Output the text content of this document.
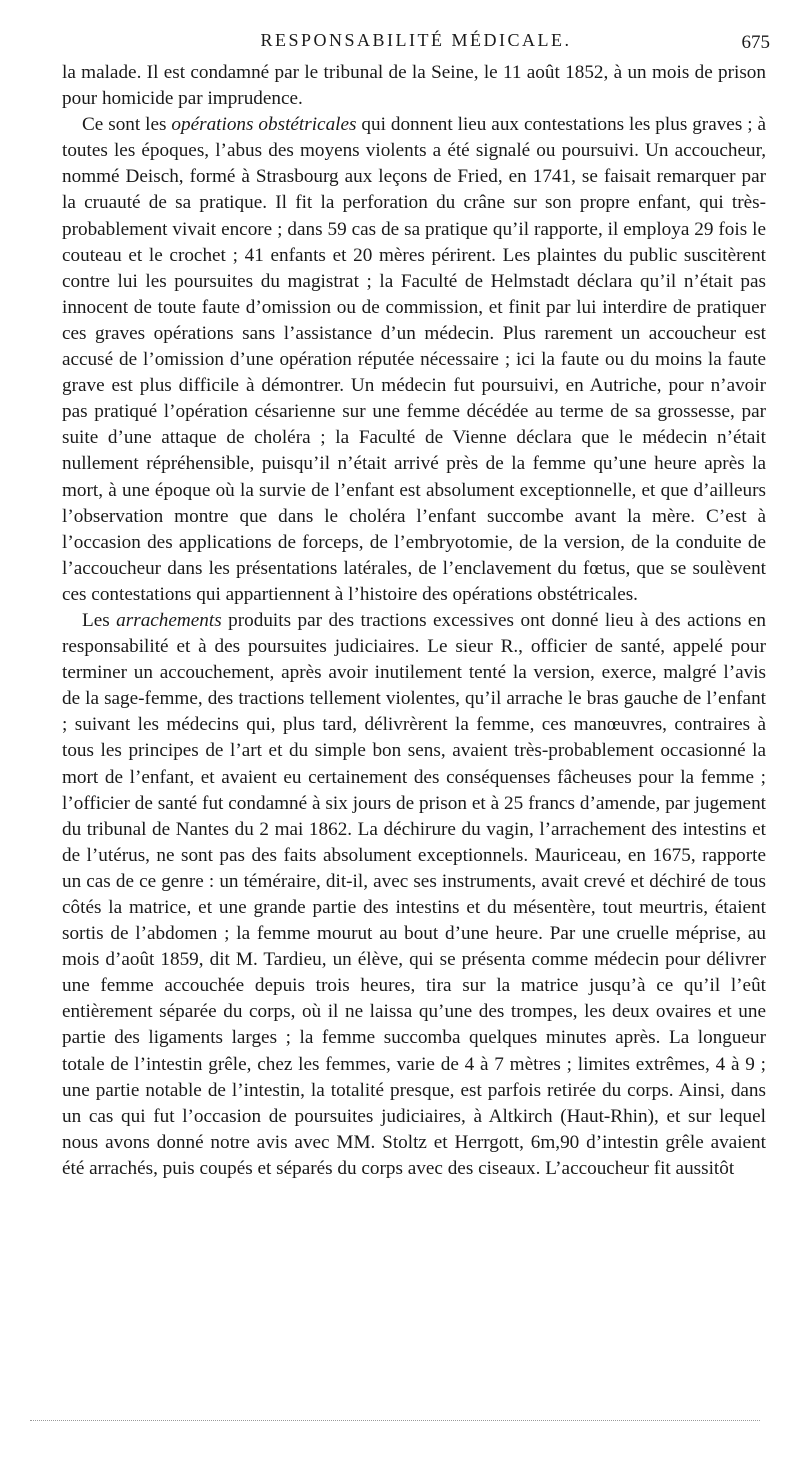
RESPONSABILITÉ MÉDICALE.	675

la malade. Il est condamné par le tribunal de la Seine, le 11 août 1852, à un mois de prison pour homicide par imprudence.

Ce sont les opérations obstétricales qui donnent lieu aux contestations les plus graves ; à toutes les époques, l’abus des moyens violents a été signalé ou poursuivi. Un accoucheur, nommé Deisch, formé à Strasbourg aux leçons de Fried, en 1741, se faisait remarquer par la cruauté de sa pratique. Il fit la perforation du crâne sur son propre enfant, qui très-probablement vivait encore ; dans 59 cas de sa pratique qu’il rapporte, il employa 29 fois le couteau et le crochet ; 41 enfants et 20 mères périrent. Les plaintes du public suscitèrent contre lui les poursuites du magistrat ; la Faculté de Helmstadt déclara qu’il n’était pas innocent de toute faute d’omission ou de commission, et finit par lui interdire de pratiquer ces graves opérations sans l’assistance d’un médecin. Plus rarement un accoucheur est accusé de l’omission d’une opération réputée nécessaire ; ici la faute ou du moins la faute grave est plus difficile à démontrer. Un médecin fut poursuivi, en Autriche, pour n’avoir pas pratiqué l’opération césarienne sur une femme décédée au terme de sa grossesse, par suite d’une attaque de choléra ; la Faculté de Vienne déclara que le médecin n’était nullement répréhensible, puisqu’il n’était arrivé près de la femme qu’une heure après la mort, à une époque où la survie de l’enfant est absolument exceptionnelle, et que d’ailleurs l’observation montre que dans le choléra l’enfant succombe avant la mère. C’est à l’occasion des applications de forceps, de l’embryotomie, de la version, de la conduite de l’accoucheur dans les présentations latérales, de l’enclavement du fœtus, que se soulèvent ces contestations qui appartiennent à l’histoire des opérations obstétricales.

Les arrachements produits par des tractions excessives ont donné lieu à des actions en responsabilité et à des poursuites judiciaires. Le sieur R., officier de santé, appelé pour terminer un accouchement, après avoir inutilement tenté la version, exerce, malgré l’avis de la sage-femme, des tractions tellement violentes, qu’il arrache le bras gauche de l’enfant ; suivant les médecins qui, plus tard, délivrèrent la femme, ces manœuvres, contraires à tous les principes de l’art et du simple bon sens, avaient très-probablement occasionné la mort de l’enfant, et avaient eu certainement des conséquenses fâcheuses pour la femme ; l’officier de santé fut condamné à six jours de prison et à 25 francs d’amende, par jugement du tribunal de Nantes du 2 mai 1862. La déchirure du vagin, l’arrachement des intestins et de l’utérus, ne sont pas des faits absolument exceptionnels. Mauriceau, en 1675, rapporte un cas de ce genre : un téméraire, dit-il, avec ses instruments, avait crevé et déchiré de tous côtés la matrice, et une grande partie des intestins et du mésentère, tout meurtris, étaient sortis de l’abdomen ; la femme mourut au bout d’une heure. Par une cruelle méprise, au mois d’août 1859, dit M. Tardieu, un élève, qui se présenta comme médecin pour délivrer une femme accouchée depuis trois heures, tira sur la matrice jusqu’à ce qu’il l’eût entièrement séparée du corps, où il ne laissa qu’une des trompes, les deux ovaires et une partie des ligaments larges ; la femme succomba quelques minutes après. La longueur totale de l’intestin grêle, chez les femmes, varie de 4 à 7 mètres ; limites extrêmes, 4 à 9 ; une partie notable de l’intestin, la totalité presque, est parfois retirée du corps. Ainsi, dans un cas qui fut l’occasion de poursuites judiciaires, à Altkirch (Haut-Rhin), et sur lequel nous avons donné notre avis avec MM. Stoltz et Herrgott, 6m,90 d’intestin grêle avaient été arrachés, puis coupés et séparés du corps avec des ciseaux. L’accoucheur fit aussitôt
